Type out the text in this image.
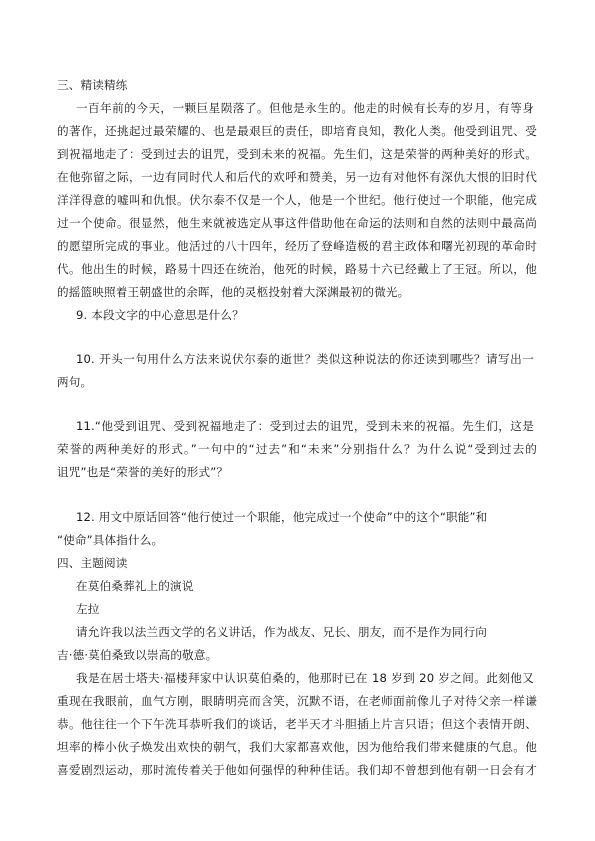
三、精读精练
一百年前的今天，一颗巨星陨落了。但他是永生的。他走的时候有长寿的岁月，有等身
的著作，还挑起过最荣耀的、也是最艰巨的责任，即培育良知，教化人类。他受到诅咒、受
到祝福地走了：受到过去的诅咒，受到未来的祝福。先生们，这是荣誉的两种美好的形式。
在他弥留之际，一边有同时代人和后代的欢呼和赞美，另一边有对他怀有深仇大恨的旧时代
洋洋得意的嘘叫和仇恨。伏尔泰不仅是一个人，他是一个世纪。他行使过一个职能，他完成
过一个使命。很显然，他生来就被选定从事这件借助他在命运的法则和自然的法则中最高尚
的愿望所完成的事业。他活过的八十四年，经历了登峰造极的君主政体和曙光初现的革命时
代。他出生的时候，路易十四还在统治，他死的时候，路易十六已经戴上了王冠。所以，他
的摇篮映照着王朝盛世的余晖，他的灵柩投射着大深渊最初的微光。
9. 本段文字的中心意思是什么？
10. 开头一句用什么方法来说伏尔泰的逝世？类似这种说法的你还读到哪些？请写出一
两句。
11.“他受到诅咒、受到祝福地走了：受到过去的诅咒，受到未来的祝福。先生们，这是
荣誉的两种美好的形式。”一句中的“过去”和“未来”分别指什么？为什么说“受到过去的
诅咒”也是“荣誉的美好的形式”？
12. 用文中原话回答“他行使过一个职能，他完成过一个使命”中的这个“职能”和
“使命”具体指什么。
四、主题阅读
在莫伯桑葬礼上的演说
左拉
请允许我以法兰西文学的名义讲话，作为战友、兄长、朋友，而不是作为同行向
吉·德·莫伯桑致以崇高的敬意。
我是在居士塔夫·福楼拜家中认识莫伯桑的，他那时已在 18 岁到 20 岁之间。此刻他又
重现在我眼前，血气方刚，眼睛明亮而含笑，沉默不语，在老师面前像儿子对待父亲一样谦
恭。他往往一个下午洗耳恭听我们的谈话，老半天才斗胆插上片言只语；但这个表情开朗、
坦率的棒小伙子焕发出欢快的朝气，我们大家都喜欢他，因为他给我们带来健康的气息。他
喜爱剧烈运动，那时流传着关于他如何强悍的种种佳话。我们却不曾想到他有朝一日会有才
